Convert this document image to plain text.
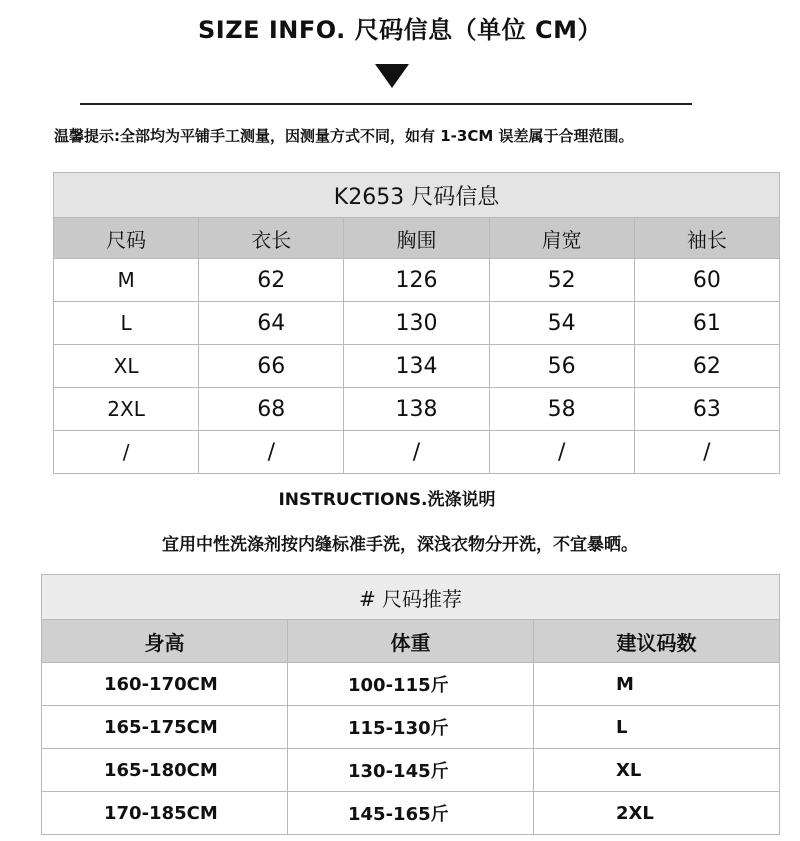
SIZE INFO. 尺码信息（单位 CM）
温馨提示:全部均为平铺手工测量，因测量方式不同，如有 1-3CM 误差属于合理范围。
K2653 尺码信息				
尺码	衣长	胸围	肩宽	袖长
M	62	126	52	60
L	64	130	54	61
XL	66	134	56	62
2XL	68	138	58	63
/	/	/	/	/
INSTRUCTIONS.洗涤说明
宜用中性洗涤剂按内缝标准手洗，深浅衣物分开洗，不宜暴晒。
# 尺码推荐		
身高	体重	建议码数
160-170CM	100-115斤	M
165-175CM	115-130斤	L
165-180CM	130-145斤	XL
170-185CM	145-165斤	2XL
